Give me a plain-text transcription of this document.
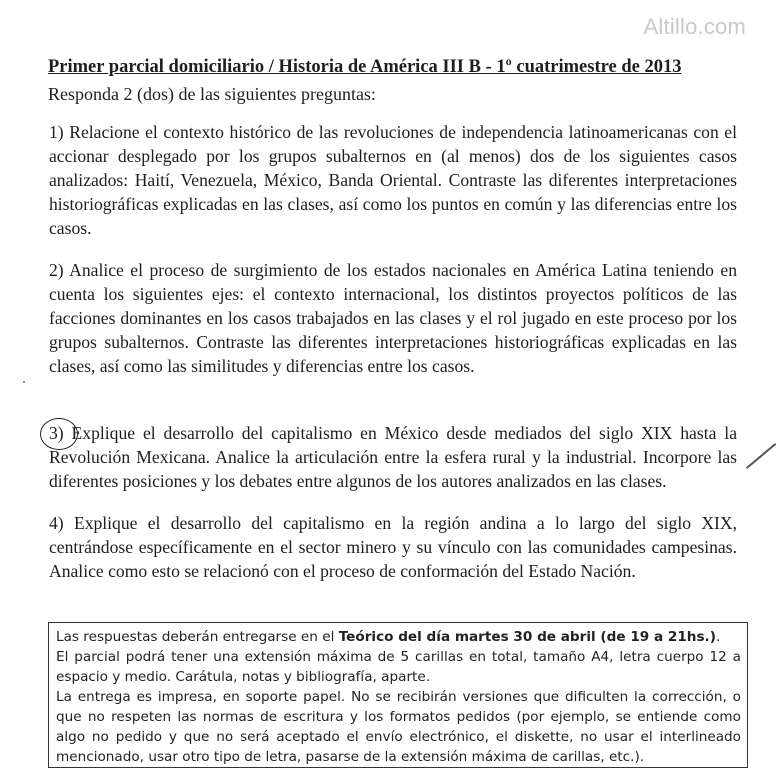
Altillo.com
Primer parcial domiciliario / Historia de América III B - 1º cuatrimestre de 2013
Responda 2 (dos) de las siguientes preguntas:
1) Relacione el contexto histórico de las revoluciones de independencia latinoamericanas con el accionar desplegado por los grupos subalternos en (al menos) dos de los siguientes casos analizados: Haití, Venezuela, México, Banda Oriental. Contraste las diferentes interpretaciones historiográficas explicadas en las clases, así como los puntos en común y las diferencias entre los casos.
2) Analice el proceso de surgimiento de los estados nacionales en América Latina teniendo en cuenta los siguientes ejes: el contexto internacional, los distintos proyectos políticos de las facciones dominantes en los casos trabajados en las clases y el rol jugado en este proceso por los grupos subalternos. Contraste las diferentes interpretaciones historiográficas explicadas en las clases, así como las similitudes y diferencias entre los casos.
3) Explique el desarrollo del capitalismo en México desde mediados del siglo XIX hasta la Revolución Mexicana. Analice la articulación entre la esfera rural y la industrial. Incorpore las diferentes posiciones y los debates entre algunos de los autores analizados en las clases.
4) Explique el desarrollo del capitalismo en la región andina a lo largo del siglo XIX, centrándose específicamente en el sector minero y su vínculo con las comunidades campesinas. Analice como esto se relacionó con el proceso de conformación del Estado Nación.

Las respuestas deberán entregarse en el Teórico del día martes 30 de abril (de 19 a 21hs.).

El parcial podrá tener una extensión máxima de 5 carillas en total, tamaño A4, letra cuerpo 12 a espacio y medio. Carátula, notas y bibliografía, aparte.

La entrega es impresa, en soporte papel. No se recibirán versiones que dificulten la corrección, o que no respeten las normas de escritura y los formatos pedidos (por ejemplo, se entiende como algo no pedido y que no será aceptado el envío electrónico, el diskette, no usar el interlineado mencionado, usar otro tipo de letra, pasarse de la extensión máxima de carillas, etc.).
